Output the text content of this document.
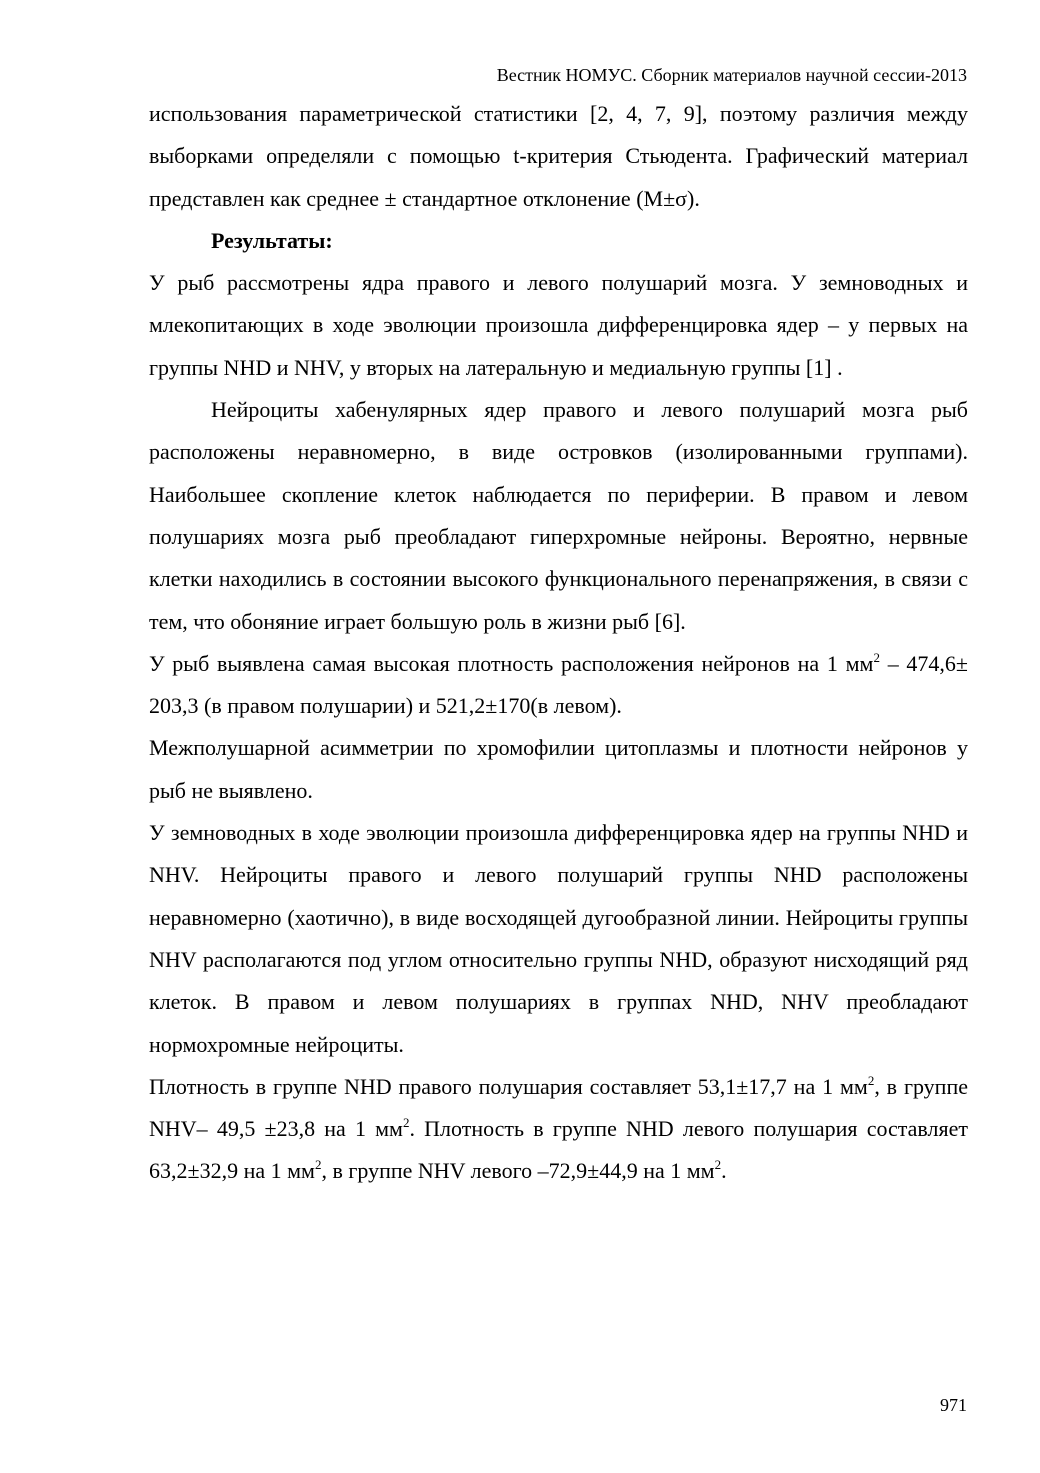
Вестник НОМУС. Сборник материалов научной сессии-2013

использования параметрической статистики [2, 4, 7, 9], поэтому различия между выборками определяли с помощью t-критерия Стьюдента. Графический материал представлен как среднее ± стандартное отклонение (M±σ).

Результаты:

У рыб рассмотрены ядра правого и левого полушарий мозга. У земноводных и млекопитающих в ходе эволюции произошла дифференцировка ядер – у первых на группы NHD и NHV, у вторых на латеральную и медиальную группы [1] .

Нейроциты хабенулярных ядер правого и левого полушарий мозга рыб расположены неравномерно, в виде островков (изолированными группами). Наибольшее скопление клеток наблюдается по периферии. В правом и левом полушариях мозга рыб преобладают гиперхромные нейроны. Вероятно, нервные клетки находились в состоянии высокого функционального перенапряжения, в связи с тем, что обоняние играет большую роль в жизни рыб [6].

У рыб выявлена самая высокая плотность расположения нейронов на 1 $мм^2 - 474,6\pm 203,3$ (в правом полушарии) и 521,2±170(в левом).

Межполушарной асимметрии по хромофилии цитоплазмы и плотности нейронов у рыб не выявлено.

У земноводных в ходе эволюции произошла дифференцировка ядер на группы NHD и NHV. Нейроциты правого и левого полушарий группы NHD расположены неравномерно (хаотично), в виде восходящей дугообразной линии. Нейроциты группы NHV располагаются под углом относительно группы NHD, образуют нисходящий ряд клеток. В правом и левом полушариях в группах NHD, NHV преобладают нормохромные нейроциты.

Плотность в группе NHD правого полушария составляет 53,1±17,7 на 1 $мм^2$, в группе NHV– 49,5 ±23,8 на 1 $мм^2$. Плотность в группе NHD левого полушария составляет 63,2±32,9 на 1 $мм^2$, в группе NHV левого –72,9±44,9 на 1 $мм^2$.

971
